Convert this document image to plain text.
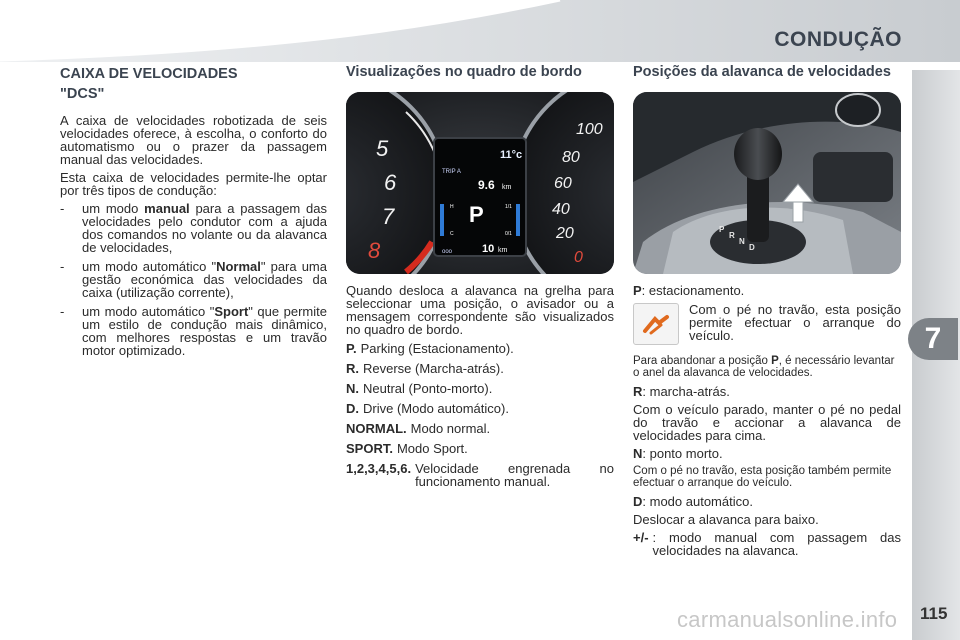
CONDUÇÃO
7
CAIXA DE VELOCIDADES
"DCS"

A caixa de velocidades robotizada de seis velocidades oferece, à escolha, o conforto do automatismo ou o prazer da passagem manual das velocidades.

Esta caixa de velocidades permite-lhe optar por três tipos de condução:

- um modo manual para a passagem das velocidades pelo condutor com a ajuda dos comandos no volante ou da alavanca de velocidades,
- um modo automático "Normal" para uma gestão económica das velocidades da caixa (utilização corrente),
- um modo automático "Sport" que permite um estilo de condução mais dinâmico, com melhores respostas e um travão motor optimizado.
Visualizações no quadro de bordo
5
6
7
8	0
20
40
60
80
100
11°c
TRIP A
9.6 km
P
H
C
1/1
0/1
ooo	10 km

Quando desloca a alavanca na grelha para seleccionar uma posição, o avisador ou a mensagem correspondente são visualizados no quadro de bordo.

P. Parking (Estacionamento).
R. Reverse (Marcha-atrás).
N. Neutral (Ponto-morto).
D. Drive (Modo automático).
NORMAL. Modo normal.
SPORT. Modo Sport.
1,2,3,4,5,6. Velocidade engrenada no funcionamento manual.
Posições da alavanca de velocidades
P
R
N
D
P: estacionamento.
Com o pé no travão, esta posição permite efectuar o arranque do veículo.
Para abandonar a posição P, é necessário levantar o anel da alavanca de velocidades.
R: marcha-atrás.
Com o veículo parado, manter o pé no pedal do travão e accionar a alavanca de velocidades para cima.
N: ponto morto.
Com o pé no travão, esta posição também permite efectuar o arranque do veículo.
D: modo automático.
Deslocar a alavanca para baixo.
+/- : modo manual com passagem das velocidades na alavanca.
carmanualsonline.info 115
